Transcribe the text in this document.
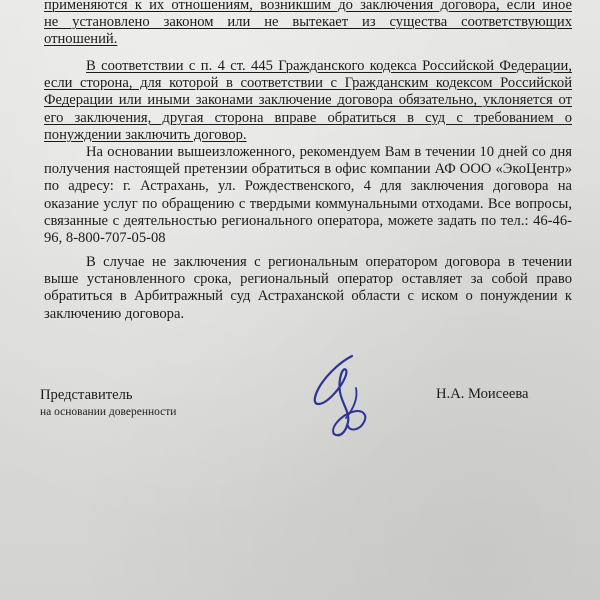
применяются к их отношениям, возникшим до заключения договора, если иное
не установлено законом или не вытекает из существа соответствующих
отношений.
В соответствии с п. 4 ст. 445 Гражданского кодекса Российской Федерации, если сторона, для которой в соответствии с Гражданским кодексом Российской Федерации или иными законами заключение договора обязательно, уклоняется от его заключения, другая сторона вправе обратиться в суд с требованием о понуждении заключить договор.
На основании вышеизложенного, рекомендуем Вам в течении 10 дней со дня получения настоящей претензии обратиться в офис компании АФ ООО «ЭкоЦентр» по адресу: г. Астрахань, ул. Рождественского, 4 для заключения договора на оказание услуг по обращению с твердыми коммунальными отходами. Все вопросы, связанные с деятельностью регионального оператора, можете задать по тел.: 46-46-96, 8-800-707-05-08
В случае не заключения с региональным оператором договора в течении выше установленного срока, региональный оператор оставляет за собой право обратиться в Арбитражный суд Астраханской области с иском о понуждении к заключению договора.
Представитель
на основании доверенности
Н.А. Моисеева
